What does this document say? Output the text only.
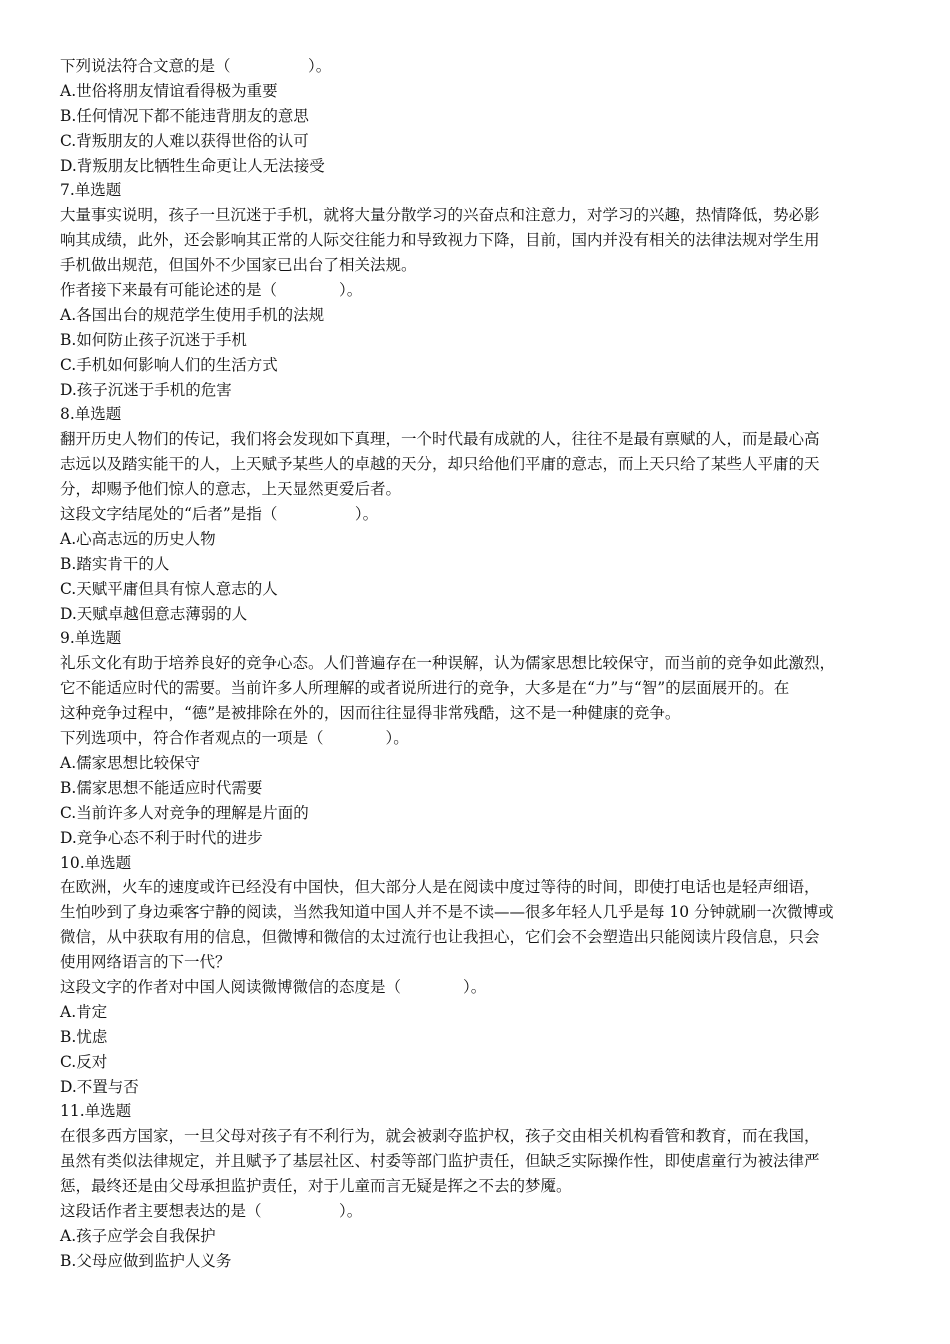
下列说法符合文意的是（　　　　　）。
A.世俗将朋友情谊看得极为重要
B.任何情况下都不能违背朋友的意思
C.背叛朋友的人难以获得世俗的认可
D.背叛朋友比牺牲生命更让人无法接受
7.单选题
大量事实说明，孩子一旦沉迷于手机，就将大量分散学习的兴奋点和注意力，对学习的兴趣，热情降低，势必影
响其成绩，此外，还会影响其正常的人际交往能力和导致视力下降，目前，国内并没有相关的法律法规对学生用
手机做出规范，但国外不少国家已出台了相关法规。
作者接下来最有可能论述的是（　　　　）。
A.各国出台的规范学生使用手机的法规
B.如何防止孩子沉迷于手机
C.手机如何影响人们的生活方式
D.孩子沉迷于手机的危害
8.单选题
翻开历史人物们的传记，我们将会发现如下真理，一个时代最有成就的人，往往不是最有禀赋的人，而是最心高
志远以及踏实能干的人，上天赋予某些人的卓越的天分，却只给他们平庸的意志，而上天只给了某些人平庸的天
分，却赐予他们惊人的意志，上天显然更爱后者。
这段文字结尾处的“后者”是指（　　　　　）。
A.心高志远的历史人物
B.踏实肯干的人
C.天赋平庸但具有惊人意志的人
D.天赋卓越但意志薄弱的人
9.单选题
礼乐文化有助于培养良好的竞争心态。人们普遍存在一种误解，认为儒家思想比较保守，而当前的竞争如此激烈，
它不能适应时代的需要。当前许多人所理解的或者说所进行的竞争，大多是在“力”与“智”的层面展开的。在
这种竞争过程中，“德”是被排除在外的，因而往往显得非常残酷，这不是一种健康的竞争。
下列选项中，符合作者观点的一项是（　　　　）。
A.儒家思想比较保守
B.儒家思想不能适应时代需要
C.当前许多人对竞争的理解是片面的
D.竞争心态不利于时代的进步
10.单选题
在欧洲，火车的速度或许已经没有中国快，但大部分人是在阅读中度过等待的时间，即使打电话也是轻声细语，
生怕吵到了身边乘客宁静的阅读，当然我知道中国人并不是不读——很多年轻人几乎是每 10 分钟就刷一次微博或
微信，从中获取有用的信息，但微博和微信的太过流行也让我担心，它们会不会塑造出只能阅读片段信息，只会
使用网络语言的下一代？
这段文字的作者对中国人阅读微博微信的态度是（　　　　）。
A.肯定
B.忧虑
C.反对
D.不置与否
11.单选题
在很多西方国家，一旦父母对孩子有不利行为，就会被剥夺监护权，孩子交由相关机构看管和教育，而在我国，
虽然有类似法律规定，并且赋予了基层社区、村委等部门监护责任，但缺乏实际操作性，即使虐童行为被法律严
惩，最终还是由父母承担监护责任，对于儿童而言无疑是挥之不去的梦魇。
这段话作者主要想表达的是（　　　　　）。
A.孩子应学会自我保护
B.父母应做到监护人义务
